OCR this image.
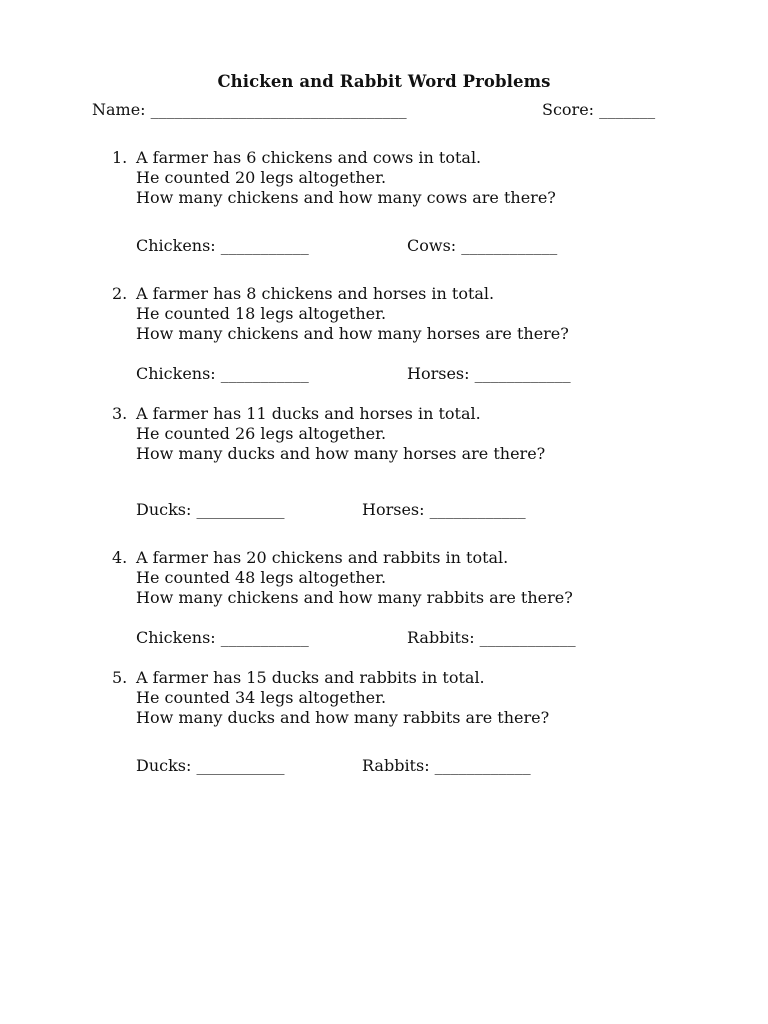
Chicken and Rabbit Word Problems
Name: ________________________________	Score: _______
1. A farmer has 6 chickens and cows in total.
He counted 20 legs altogether.
How many chickens and how many cows are there?
Chickens: ___________	Cows: ____________
2. A farmer has 8 chickens and horses in total.
He counted 18 legs altogether.
How many chickens and how many horses are there?
Chickens: ___________	Horses: ____________
3. A farmer has 11 ducks and horses in total.
He counted 26 legs altogether.
How many ducks and how many horses are there?
Ducks: ___________	Horses: ____________
4. A farmer has 20 chickens and rabbits in total.
He counted 48 legs altogether.
How many chickens and how many rabbits are there?
Chickens: ___________	Rabbits: ____________
5. A farmer has 15 ducks and rabbits in total.
He counted 34 legs altogether.
How many ducks and how many rabbits are there?
Ducks: ___________	Rabbits: ____________
